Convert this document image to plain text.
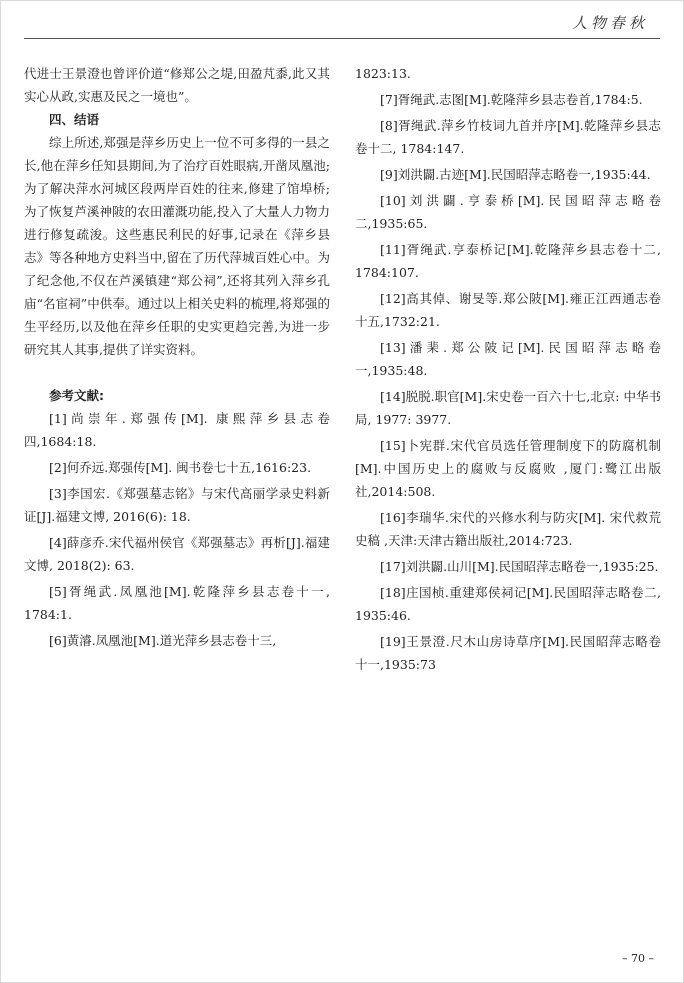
人物春秋

代进士王景澄也曾评价道“修郑公之堤,田盈芃黍,此又其实心从政,实惠及民之一境也”。

四、结语

综上所述,郑强是萍乡历史上一位不可多得的一县之长,他在萍乡任知县期间,为了治疗百姓眼病,开凿凤凰池;为了解决萍水河城区段两岸百姓的往来,修建了馆埠桥;为了恢复芦溪神陂的农田灌溉功能,投入了大量人力物力进行修复疏浚。这些惠民利民的好事,记录在《萍乡县志》等各种地方史料当中,留在了历代萍城百姓心中。为了纪念他,不仅在芦溪镇建“郑公祠”,还将其列入萍乡孔庙“名宦祠”中供奉。通过以上相关史料的梳理,将郑强的生平经历,以及他在萍乡任职的史实更趋完善,为进一步研究其人其事,提供了详实资料。

参考文献:

[1]尚崇年.郑强传[M]. 康熙萍乡县志卷四,1684:18.

[2]何乔远.郑强传[M]. 闽书卷七十五,1616:23.

[3]李国宏.《郑强墓志铭》与宋代高丽学录史料新证[J].福建文博, 2016(6): 18.

[4]薛彦乔.宋代福州侯官《郑强墓志》再析[J].福建文博, 2018(2): 63.

[5]胥绳武.凤凰池[M].乾隆萍乡县志卷十一, 1784:1.

[6]黄濬.凤凰池[M].道光萍乡县志卷十三,

1823:13.

[7]胥绳武.志图[M].乾隆萍乡县志卷首,1784:5.

[8]胥绳武.萍乡竹枝词九首并序[M].乾隆萍乡县志卷十二, 1784:147.

[9]刘洪闢.古迹[M].民国昭萍志略卷一,1935:44.

[10]刘洪闢.亨泰桥[M].民国昭萍志略卷二,1935:65.

[11]胥绳武.亨泰桥记[M].乾隆萍乡县志卷十二, 1784:107.

[12]高其倬、谢旻等.郑公陂[M].雍正江西通志卷十五,1732:21.

[13]潘棐.郑公陂记[M].民国昭萍志略卷一,1935:48.

[14]脱脱.职官[M].宋史卷一百六十七,北京: 中华书局, 1977: 3977.

[15]卜宪群.宋代官员选任管理制度下的防腐机制[M].中国历史上的腐败与反腐败 ,厦门:鹭江出版社,2014:508.

[16]李瑞华.宋代的兴修水利与防灾[M]. 宋代救荒史稿 ,天津:天津古籍出版社,2014:723.

[17]刘洪闢.山川[M].民国昭萍志略卷一,1935:25.

[18]庄国桢.重建郑侯祠记[M].民国昭萍志略卷二, 1935:46.

[19]王景澄.尺木山房诗草序[M].民国昭萍志略卷十一,1935:73

– 70 –
